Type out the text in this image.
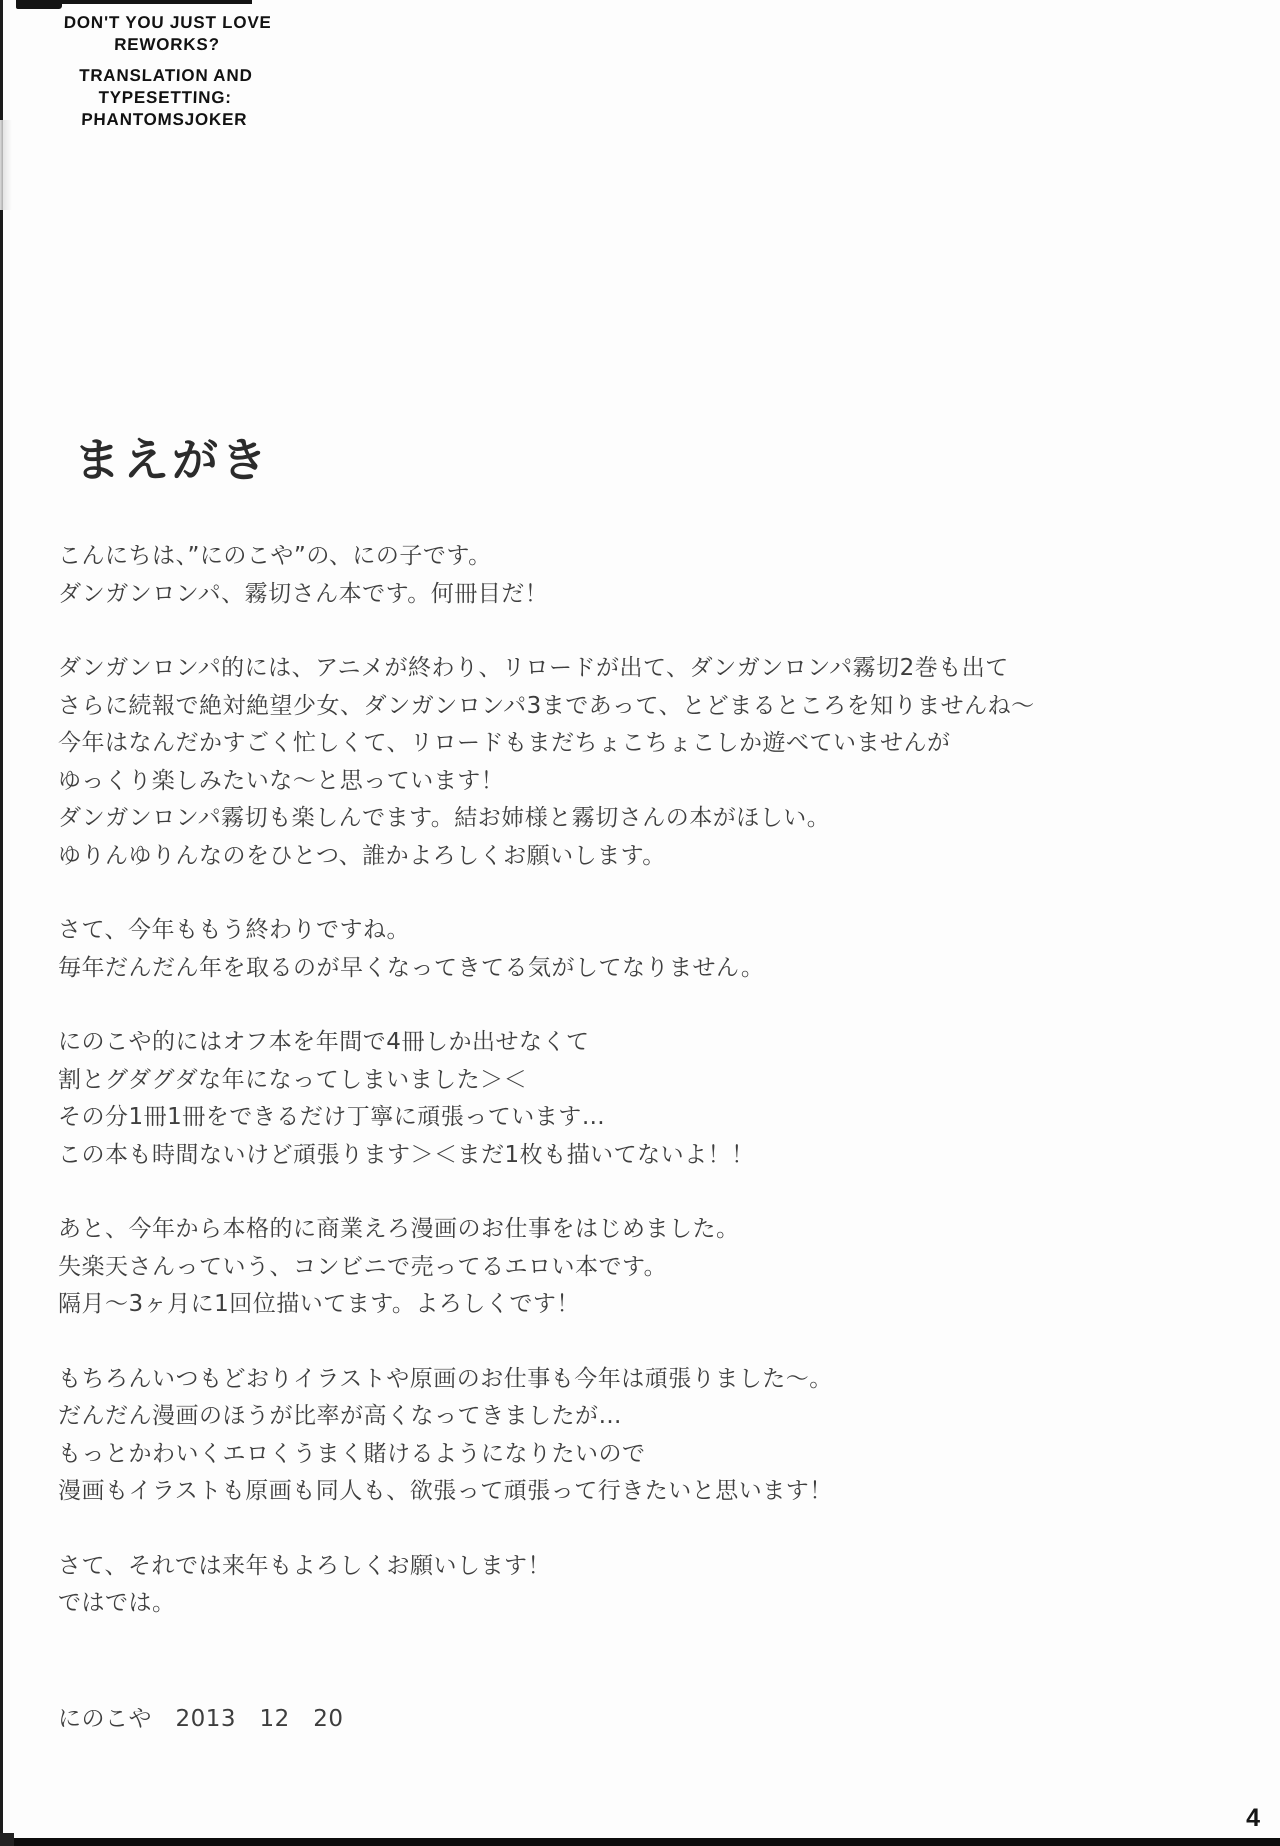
DON'T YOU JUST LOVE
REWORKS?
TRANSLATION AND TYPESETTING:
PHANTOMSJOKER
まえがき
こんにちは、”にのこや”の、にの子です。
ダンガンロンパ、霧切さん本です。何冊目だ！
ダンガンロンパ的には、アニメが終わり、リロードが出て、ダンガンロンパ霧切2巻も出て
さらに続報で絶対絶望少女、ダンガンロンパ3まであって、とどまるところを知りませんね～
今年はなんだかすごく忙しくて、リロードもまだちょこちょこしか遊べていませんが
ゆっくり楽しみたいな～と思っています！
ダンガンロンパ霧切も楽しんでます。結お姉様と霧切さんの本がほしい。
ゆりんゆりんなのをひとつ、誰かよろしくお願いします。
さて、今年ももう終わりですね。
毎年だんだん年を取るのが早くなってきてる気がしてなりません。
にのこや的にはオフ本を年間で4冊しか出せなくて
割とグダグダな年になってしまいました＞＜
その分1冊1冊をできるだけ丁寧に頑張っています…
この本も時間ないけど頑張ります＞＜まだ1枚も描いてないよ！！
あと、今年から本格的に商業えろ漫画のお仕事をはじめました。
失楽天さんっていう、コンビニで売ってるエロい本です。
隔月～3ヶ月に1回位描いてます。よろしくです！
もちろんいつもどおりイラストや原画のお仕事も今年は頑張りました～。
だんだん漫画のほうが比率が高くなってきましたが…
もっとかわいくエロくうまく賭けるようになりたいので
漫画もイラストも原画も同人も、欲張って頑張って行きたいと思います！
さて、それでは来年もよろしくお願いします！
ではでは。
にのこや　2013　12　20
4
